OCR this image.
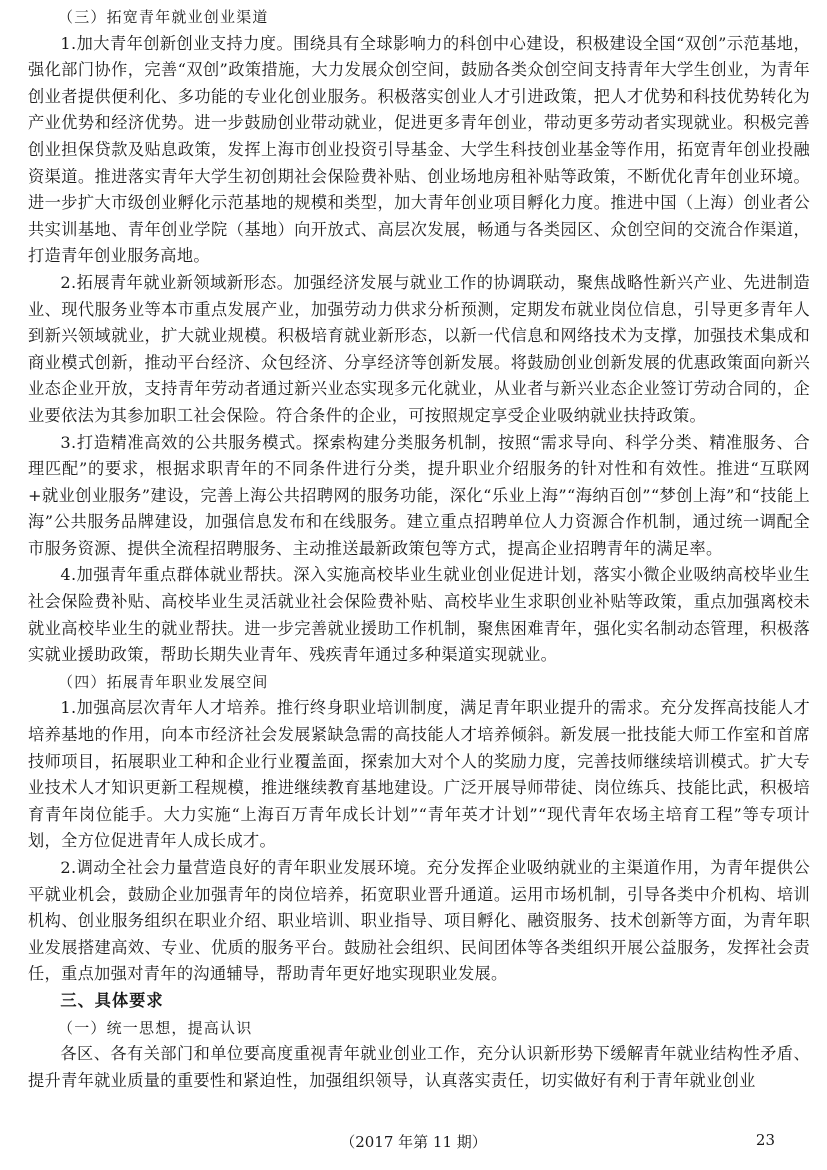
（三）拓宽青年就业创业渠道

1.加大青年创新创业支持力度。围绕具有全球影响力的科创中心建设，积极建设全国“双创”示范基地，强化部门协作，完善“双创”政策措施，大力发展众创空间，鼓励各类众创空间支持青年大学生创业，为青年创业者提供便利化、多功能的专业化创业服务。积极落实创业人才引进政策，把人才优势和科技优势转化为产业优势和经济优势。进一步鼓励创业带动就业，促进更多青年创业，带动更多劳动者实现就业。积极完善创业担保贷款及贴息政策，发挥上海市创业投资引导基金、大学生科技创业基金等作用，拓宽青年创业投融资渠道。推进落实青年大学生初创期社会保险费补贴、创业场地房租补贴等政策，不断优化青年创业环境。进一步扩大市级创业孵化示范基地的规模和类型，加大青年创业项目孵化力度。推进中国（上海）创业者公共实训基地、青年创业学院（基地）向开放式、高层次发展，畅通与各类园区、众创空间的交流合作渠道，打造青年创业服务高地。

2.拓展青年就业新领域新形态。加强经济发展与就业工作的协调联动，聚焦战略性新兴产业、先进制造业、现代服务业等本市重点发展产业，加强劳动力供求分析预测，定期发布就业岗位信息，引导更多青年人到新兴领域就业，扩大就业规模。积极培育就业新形态，以新一代信息和网络技术为支撑，加强技术集成和商业模式创新，推动平台经济、众包经济、分享经济等创新发展。将鼓励创业创新发展的优惠政策面向新兴业态企业开放，支持青年劳动者通过新兴业态实现多元化就业，从业者与新兴业态企业签订劳动合同的，企业要依法为其参加职工社会保险。符合条件的企业，可按照规定享受企业吸纳就业扶持政策。

3.打造精准高效的公共服务模式。探索构建分类服务机制，按照“需求导向、科学分类、精准服务、合理匹配”的要求，根据求职青年的不同条件进行分类，提升职业介绍服务的针对性和有效性。推进“互联网+就业创业服务”建设，完善上海公共招聘网的服务功能，深化“乐业上海”“海纳百创”“梦创上海”和“技能上海”公共服务品牌建设，加强信息发布和在线服务。建立重点招聘单位人力资源合作机制，通过统一调配全市服务资源、提供全流程招聘服务、主动推送最新政策包等方式，提高企业招聘青年的满足率。

4.加强青年重点群体就业帮扶。深入实施高校毕业生就业创业促进计划，落实小微企业吸纳高校毕业生社会保险费补贴、高校毕业生灵活就业社会保险费补贴、高校毕业生求职创业补贴等政策，重点加强离校未就业高校毕业生的就业帮扶。进一步完善就业援助工作机制，聚焦困难青年，强化实名制动态管理，积极落实就业援助政策，帮助长期失业青年、残疾青年通过多种渠道实现就业。

（四）拓展青年职业发展空间

1.加强高层次青年人才培养。推行终身职业培训制度，满足青年职业提升的需求。充分发挥高技能人才培养基地的作用，向本市经济社会发展紧缺急需的高技能人才培养倾斜。新发展一批技能大师工作室和首席技师项目，拓展职业工种和企业行业覆盖面，探索加大对个人的奖励力度，完善技师继续培训模式。扩大专业技术人才知识更新工程规模，推进继续教育基地建设。广泛开展导师带徒、岗位练兵、技能比武，积极培育青年岗位能手。大力实施“上海百万青年成长计划”“青年英才计划”“现代青年农场主培育工程”等专项计划，全方位促进青年人成长成才。

2.调动全社会力量营造良好的青年职业发展环境。充分发挥企业吸纳就业的主渠道作用，为青年提供公平就业机会，鼓励企业加强青年的岗位培养，拓宽职业晋升通道。运用市场机制，引导各类中介机构、培训机构、创业服务组织在职业介绍、职业培训、职业指导、项目孵化、融资服务、技术创新等方面，为青年职业发展搭建高效、专业、优质的服务平台。鼓励社会组织、民间团体等各类组织开展公益服务，发挥社会责任，重点加强对青年的沟通辅导，帮助青年更好地实现职业发展。

三、具体要求

（一）统一思想，提高认识

各区、各有关部门和单位要高度重视青年就业创业工作，充分认识新形势下缓解青年就业结构性矛盾、提升青年就业质量的重要性和紧迫性，加强组织领导，认真落实责任，切实做好有利于青年就业创业

（2017 年第 11 期）	23
